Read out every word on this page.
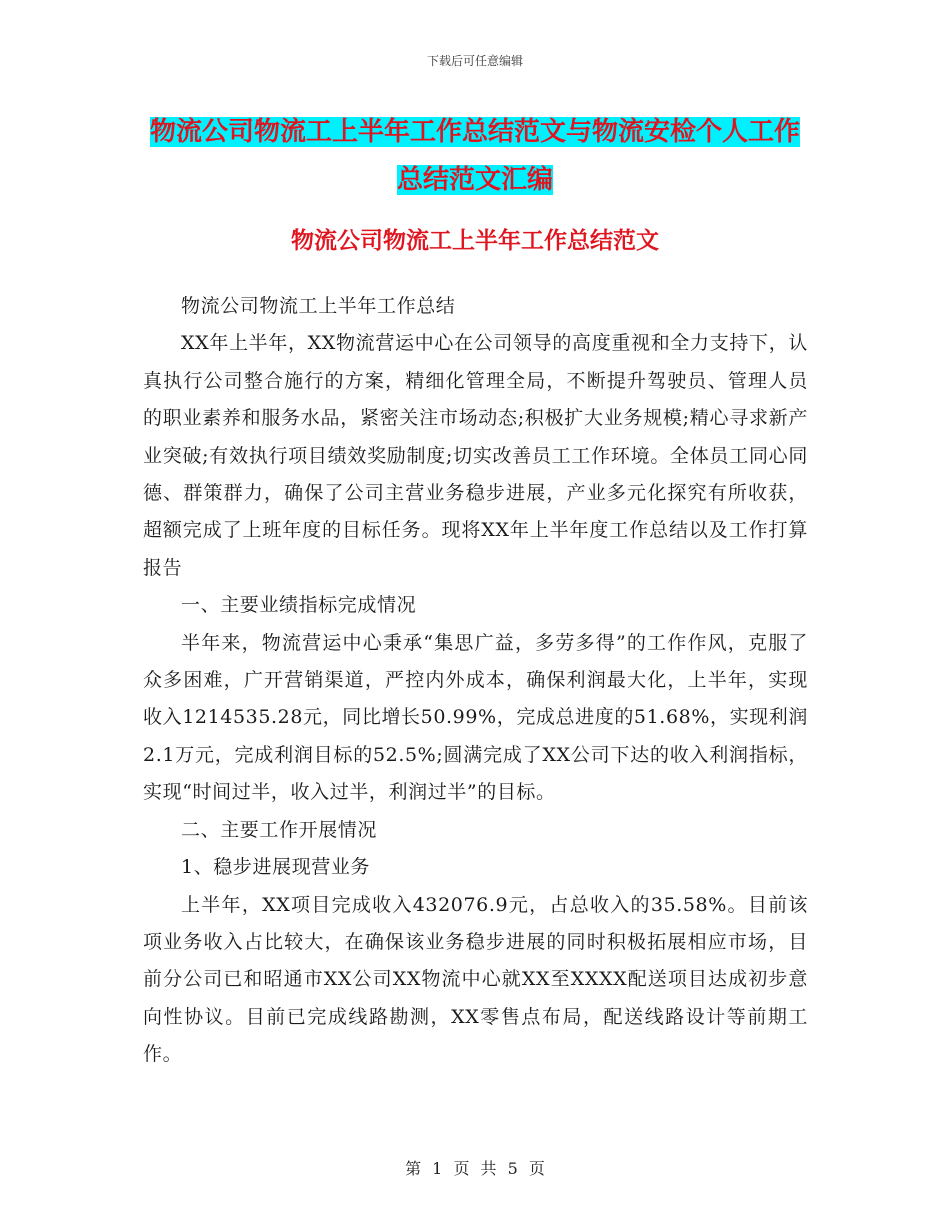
下载后可任意编辑
物流公司物流工上半年工作总结范文与物流安检个人工作总结范文汇编
物流公司物流工上半年工作总结范文

物流公司物流工上半年工作总结

XX年上半年，XX物流营运中心在公司领导的高度重视和全力支持下，认真执行公司整合施行的方案，精细化管理全局，不断提升驾驶员、管理人员的职业素养和服务水品，紧密关注市场动态;积极扩大业务规模;精心寻求新产业突破;有效执行项目绩效奖励制度;切实改善员工工作环境。全体员工同心同德、群策群力，确保了公司主营业务稳步进展，产业多元化探究有所收获，超额完成了上班年度的目标任务。现将XX年上半年度工作总结以及工作打算报告

一、主要业绩指标完成情况

半年来，物流营运中心秉承“集思广益，多劳多得”的工作作风，克服了众多困难，广开营销渠道，严控内外成本，确保利润最大化，上半年，实现收入1214535.28元，同比增长50.99%，完成总进度的51.68%，实现利润2.1万元，完成利润目标的52.5%;圆满完成了XX公司下达的收入利润指标，实现“时间过半，收入过半，利润过半”的目标。

二、主要工作开展情况

1、稳步进展现营业务

上半年，XX项目完成收入432076.9元，占总收入的35.58%。目前该项业务收入占比较大，在确保该业务稳步进展的同时积极拓展相应市场，目前分公司已和昭通市XX公司XX物流中心就XX至XXXX配送项目达成初步意向性协议。目前已完成线路勘测，XX零售点布局，配送线路设计等前期工作。

第 1 页 共 5 页
